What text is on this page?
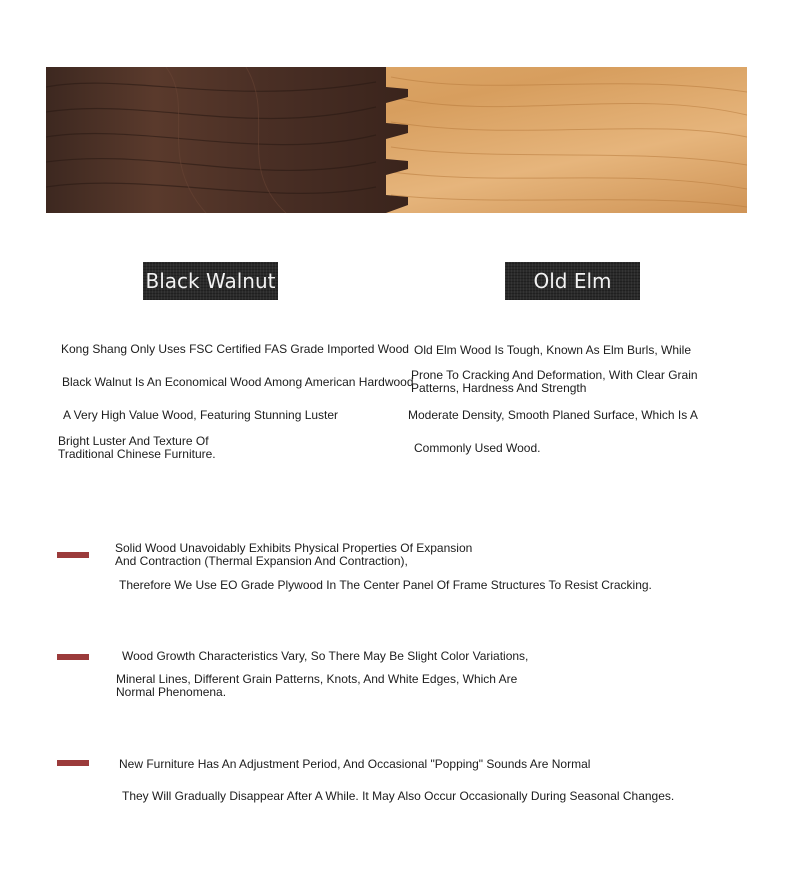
Black Walnut	Old Elm
Kong Shang Only Uses FSC Certified FAS Grade Imported Wood
Black Walnut Is An Economical Wood Among American Hardwood
A Very High Value Wood, Featuring Stunning Luster
Bright Luster And Texture Of Traditional Chinese Furniture.
Old Elm Wood Is Tough, Known As Elm Burls, While
Prone To Cracking And Deformation, With Clear Grain Patterns, Hardness And Strength
Moderate Density, Smooth Planed Surface, Which Is A
Commonly Used Wood.
Solid Wood Unavoidably Exhibits Physical Properties Of Expansion And Contraction (Thermal Expansion And Contraction),
Therefore We Use EO Grade Plywood In The Center Panel Of Frame Structures To Resist Cracking.
Wood Growth Characteristics Vary, So There May Be Slight Color Variations,
Mineral Lines, Different Grain Patterns, Knots, And White Edges, Which Are Normal Phenomena.
New Furniture Has An Adjustment Period, And Occasional "Popping" Sounds Are Normal
They Will Gradually Disappear After A While. It May Also Occur Occasionally During Seasonal Changes.
